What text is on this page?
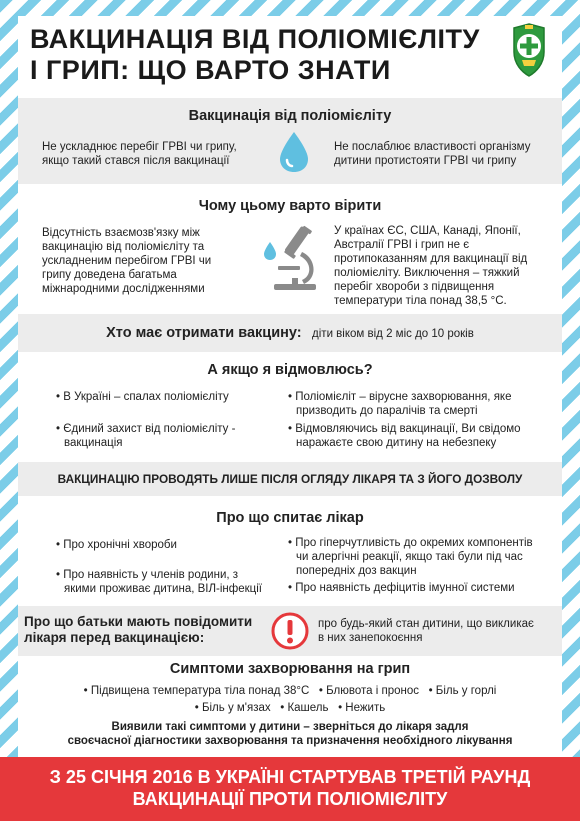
ВАКЦИНАЦІЯ ВІД ПОЛІОМІЄЛІТУ
І ГРИП: ЩО ВАРТО ЗНАТИ
Вакцинація від поліомієліту
Не ускладнює перебіг ГРВІ чи грипу,
якщо такий стався після вакцинації
Не послаблює властивості організму
дитини протистояти ГРВІ чи грипу
Чому цьому варто вірити
Відсутність взаємозв'язку між
вакцинацію від поліомієліту та
ускладненим перебігом ГРВІ чи
грипу доведена багатьма
міжнародними дослідженнями
У країнах ЄС, США, Канаді, Японії,
Австралії ГРВІ і грип не є
протипоказанням для вакцинації від
поліомієліту. Виключення – тяжкий
перебіг хвороби з підвищення
температури тіла понад 38,5 °С.
Хто має отримати вакцину: діти віком від 2 міс до 10 років
А якщо я відмовлюсь?
• В Україні – спалах поліомієліту
• Єдиний захист від поліомієліту -
вакцинація
• Поліомієліт – вірусне захворювання, яке
призводить до паралічів та смерті
• Відмовляючись від вакцинації, Ви свідомо
наражаєте свою дитину на небезпеку
ВАКЦИНАЦІЮ ПРОВОДЯТЬ ЛИШЕ ПІСЛЯ ОГЛЯДУ ЛІКАРЯ ТА З ЙОГО ДОЗВОЛУ
Про що спитає лікар
• Про хронічні хвороби
• Про наявність у членів родини, з
якими проживає дитина, ВІЛ-інфекції
• Про гіперчутливість до окремих компонентів
чи алергічні реакції, якщо такі були під час
попередніх доз вакцин
• Про наявність дефіцитів імунної системи
Про що батьки мають повідомити
лікаря перед вакцинацією:
про будь-який стан дитини, що викликає
в них занепокоєння
Симптоми захворювання на грип
• Підвищена температура тіла понад 38°С   • Блювота і пронос   • Біль у горлі
• Біль у м'язах   • Кашель   • Нежить
Виявили такі симптоми у дитини – зверніться до лікаря задля
своєчасної діагностики захворювання та призначення необхідного лікування
З 25 СІЧНЯ 2016 В УКРАЇНІ СТАРТУВАВ ТРЕТІЙ РАУНД
ВАКЦИНАЦІЇ ПРОТИ ПОЛІОМІЄЛІТУ
